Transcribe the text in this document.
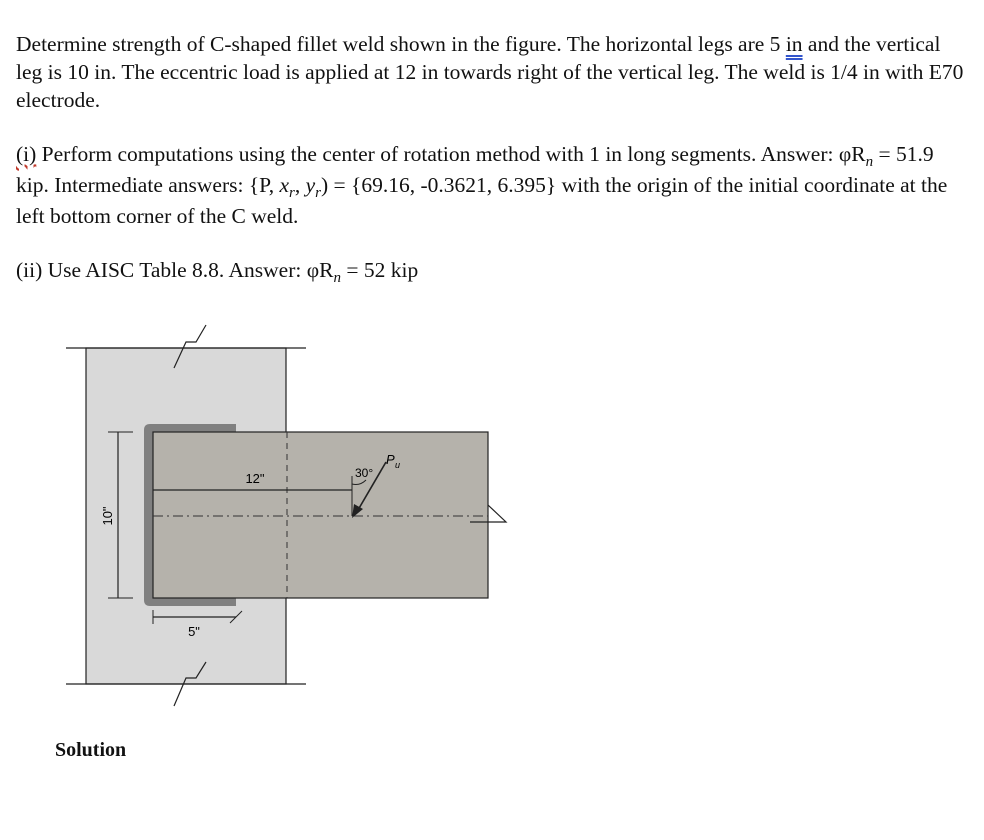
Determine strength of C-shaped fillet weld shown in the figure. The horizontal legs are 5 in and the vertical leg is 10 in. The eccentric load is applied at 12 in towards right of the vertical leg. The weld is 1/4 in with E70 electrode.

(i) Perform computations using the center of rotation method with 1 in long segments. Answer: $\varphi R_n = 51.9$ kip. Intermediate answers: {P, $x_r$, $y_r) = \{69.16$, -0.3621, 6.395} with the origin of the initial coordinate at the left bottom corner of the C weld.

(ii) Use AISC Table 8.8. Answer: $\varphi R_n = 52$ kip

12"	30°
P u
10"
5"

Solution
